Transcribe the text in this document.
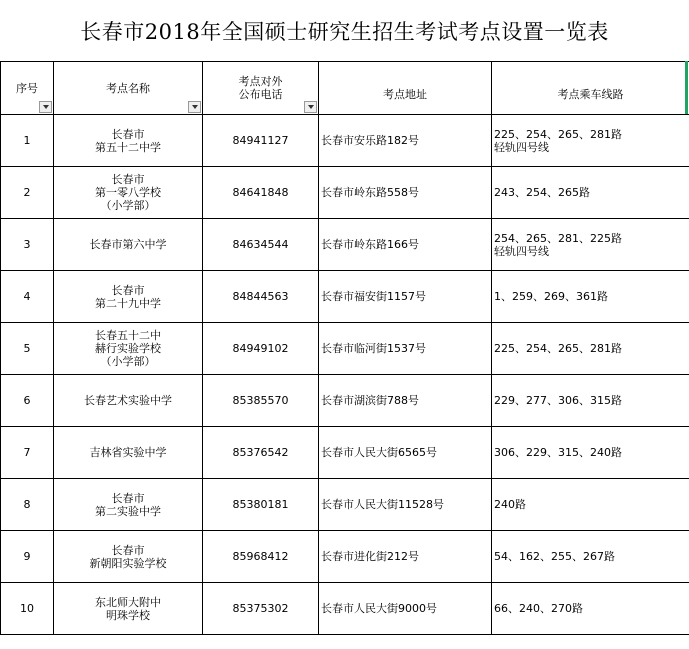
长春市2018年全国硕士研究生招生考试考点设置一览表

序号	考点名称	考点对外
公布电话	考点地址	考点乘车线路

1	长春市
第五十二中学	84941127	长春市安乐路182号	225、254、265、281路
轻轨四号线
2	长春市
第一零八学校
（小学部）	84641848	长春市岭东路558号	243、254、265路
3	长春市第六中学	84634544	长春市岭东路166号	254、265、281、225路
轻轨四号线
4	长春市
第二十九中学	84844563	长春市福安街1157号	1、259、269、361路
5	长春五十二中
赫行实验学校
（小学部）	84949102	长春市临河街1537号	225、254、265、281路
6	长春艺术实验中学	85385570	长春市湖滨街788号	229、277、306、315路
7	吉林省实验中学	85376542	长春市人民大街6565号	306、229、315、240路
8	长春市
第二实验中学	85380181	长春市人民大街11528号	240路
9	长春市
新朝阳实验学校	85968412	长春市进化街212号	54、162、255、267路
10	东北师大附中
明珠学校	85375302	长春市人民大街9000号	66、240、270路
